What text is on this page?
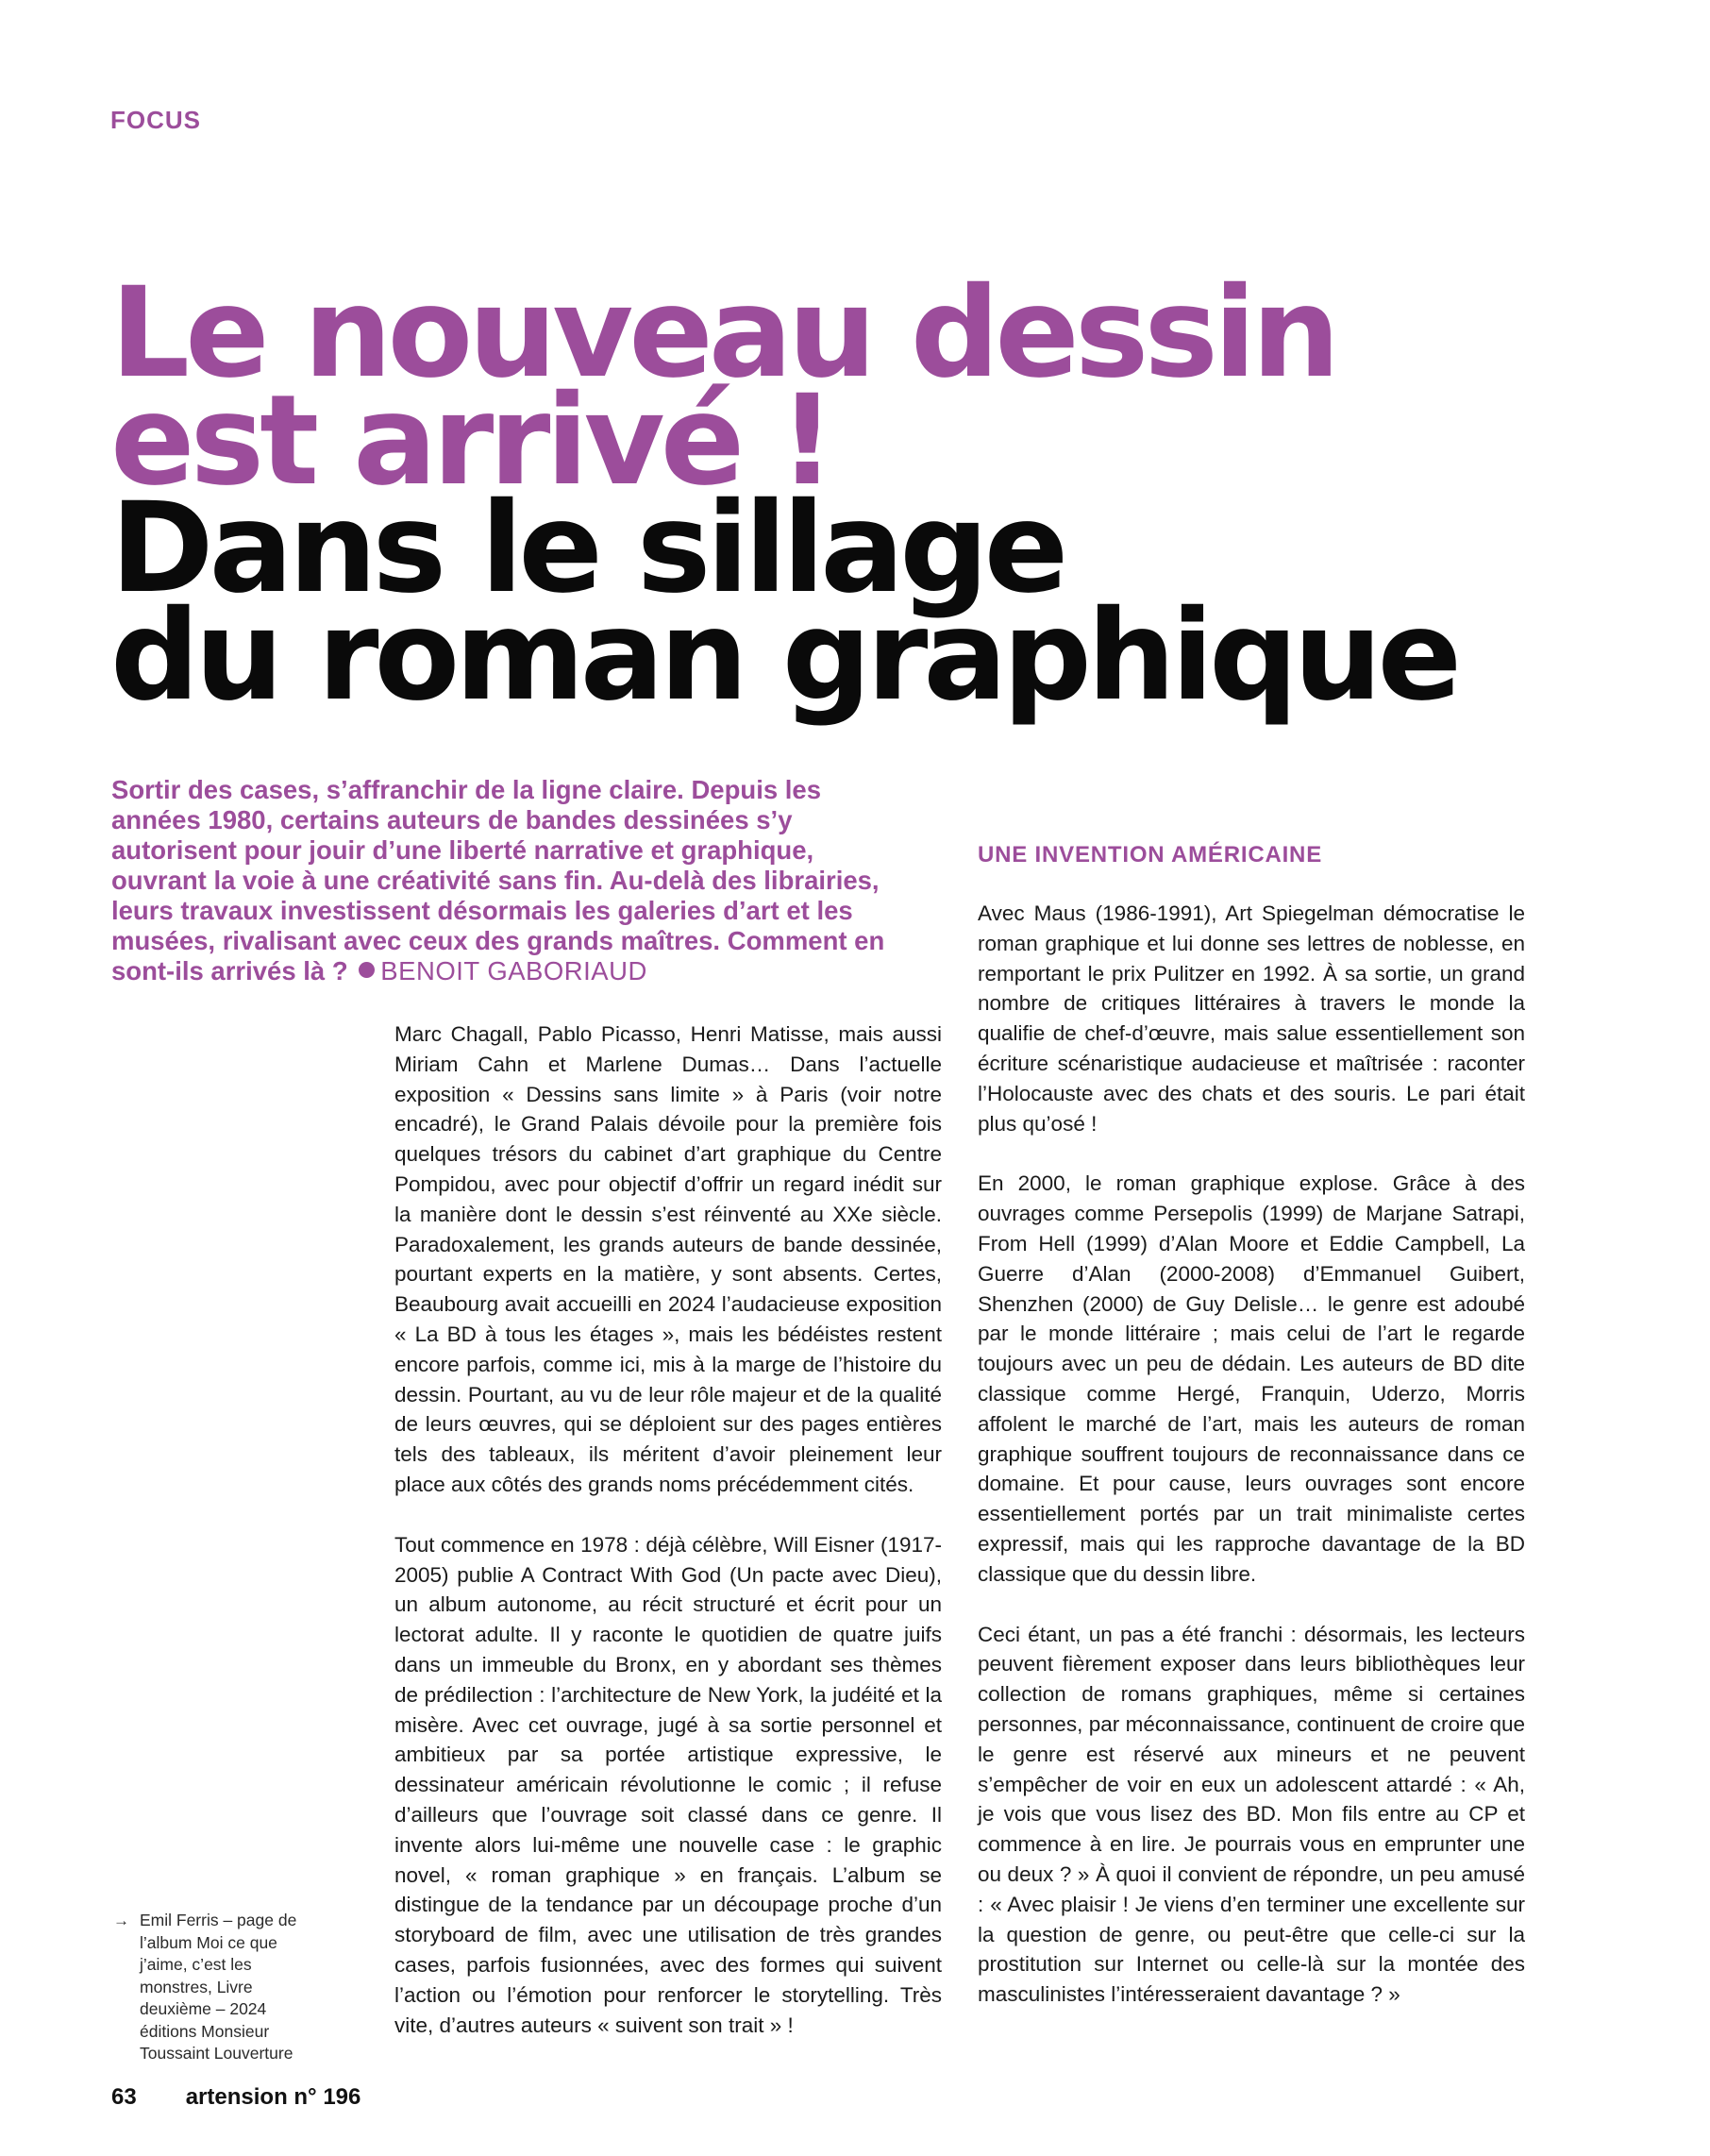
FOCUS
Le nouveau dessin
est arrivé !
Dans le sillage
du roman graphique

Sortir des cases, s’affranchir de la ligne claire. Depuis les années 1980, certains auteurs de bandes dessinées s’y autorisent pour jouir d’une liberté narrative et graphique, ouvrant la voie à une créativité sans fin. Au-delà des librairies, leurs travaux investissent désormais les galeries d’art et les musées, rivalisant avec ceux des grands maîtres. Comment en sont-ils arrivés là ? BENOIT GABORIAUD

Marc Chagall, Pablo Picasso, Henri Matisse, mais aussi Miriam Cahn et Marlene Dumas… Dans l’actuelle exposition « Dessins sans limite » à Paris (voir notre encadré), le Grand Palais dévoile pour la première fois quelques trésors du cabinet d’art graphique du Centre Pompidou, avec pour objectif d’offrir un regard inédit sur la manière dont le dessin s’est réinventé au XXe siècle. Paradoxalement, les grands auteurs de bande dessinée, pourtant experts en la matière, y sont absents. Certes, Beaubourg avait accueilli en 2024 l’audacieuse exposition « La BD à tous les étages », mais les bédéistes restent encore parfois, comme ici, mis à la marge de l’histoire du dessin. Pourtant, au vu de leur rôle majeur et de la qualité de leurs œuvres, qui se déploient sur des pages entières tels des tableaux, ils méritent d’avoir pleinement leur place aux côtés des grands noms précédemment cités.

Tout commence en 1978 : déjà célèbre, Will Eisner (1917-2005) publie A Contract With God (Un pacte avec Dieu), un album autonome, au récit structuré et écrit pour un lectorat adulte. Il y raconte le quotidien de quatre juifs dans un immeuble du Bronx, en y abordant ses thèmes de prédilection : l’architecture de New York, la judéité et la misère. Avec cet ouvrage, jugé à sa sortie personnel et ambitieux par sa portée artistique expressive, le dessinateur américain révolutionne le comic ; il refuse d’ailleurs que l’ouvrage soit classé dans ce genre. Il invente alors lui-même une nouvelle case : le graphic novel, « roman graphique » en français. L’album se distingue de la tendance par un découpage proche d’un storyboard de film, avec une utilisation de très grandes cases, parfois fusionnées, avec des formes qui suivent l’action ou l’émotion pour renforcer le storytelling. Très vite, d’autres auteurs « suivent son trait » !

UNE INVENTION AMÉRICAINE

Avec Maus (1986-1991), Art Spiegelman démocratise le roman graphique et lui donne ses lettres de noblesse, en remportant le prix Pulitzer en 1992. À sa sortie, un grand nombre de critiques littéraires à travers le monde la qualifie de chef-d’œuvre, mais salue essentiellement son écriture scénaristique audacieuse et maîtrisée : raconter l’Holocauste avec des chats et des souris. Le pari était plus qu’osé !

En 2000, le roman graphique explose. Grâce à des ouvrages comme Persepolis (1999) de Marjane Satrapi, From Hell (1999) d’Alan Moore et Eddie Campbell, La Guerre d’Alan (2000-2008) d’Emmanuel Guibert, Shenzhen (2000) de Guy Delisle… le genre est adoubé par le monde littéraire ; mais celui de l’art le regarde toujours avec un peu de dédain. Les auteurs de BD dite classique comme Hergé, Franquin, Uderzo, Morris affolent le marché de l’art, mais les auteurs de roman graphique souffrent toujours de reconnaissance dans ce domaine. Et pour cause, leurs ouvrages sont encore essentiellement portés par un trait minimaliste certes expressif, mais qui les rapproche davantage de la BD classique que du dessin libre.

Ceci étant, un pas a été franchi : désormais, les lecteurs peuvent fièrement exposer dans leurs bibliothèques leur collection de romans graphiques, même si certaines personnes, par méconnaissance, continuent de croire que le genre est réservé aux mineurs et ne peuvent s’empêcher de voir en eux un adolescent attardé : « Ah, je vois que vous lisez des BD. Mon fils entre au CP et commence à en lire. Je pourrais vous en emprunter une ou deux ? » À quoi il convient de répondre, un peu amusé : « Avec plaisir ! Je viens d’en terminer une excellente sur la question de genre, ou peut-être que celle-ci sur la prostitution sur Internet ou celle-là sur la montée des masculinistes l’intéresseraient davantage ? »

→ Emil Ferris – page de l’album Moi ce que j’aime, c’est les monstres, Livre deuxième – 2024 éditions Monsieur Toussaint Louverture
63 artension n° 196
